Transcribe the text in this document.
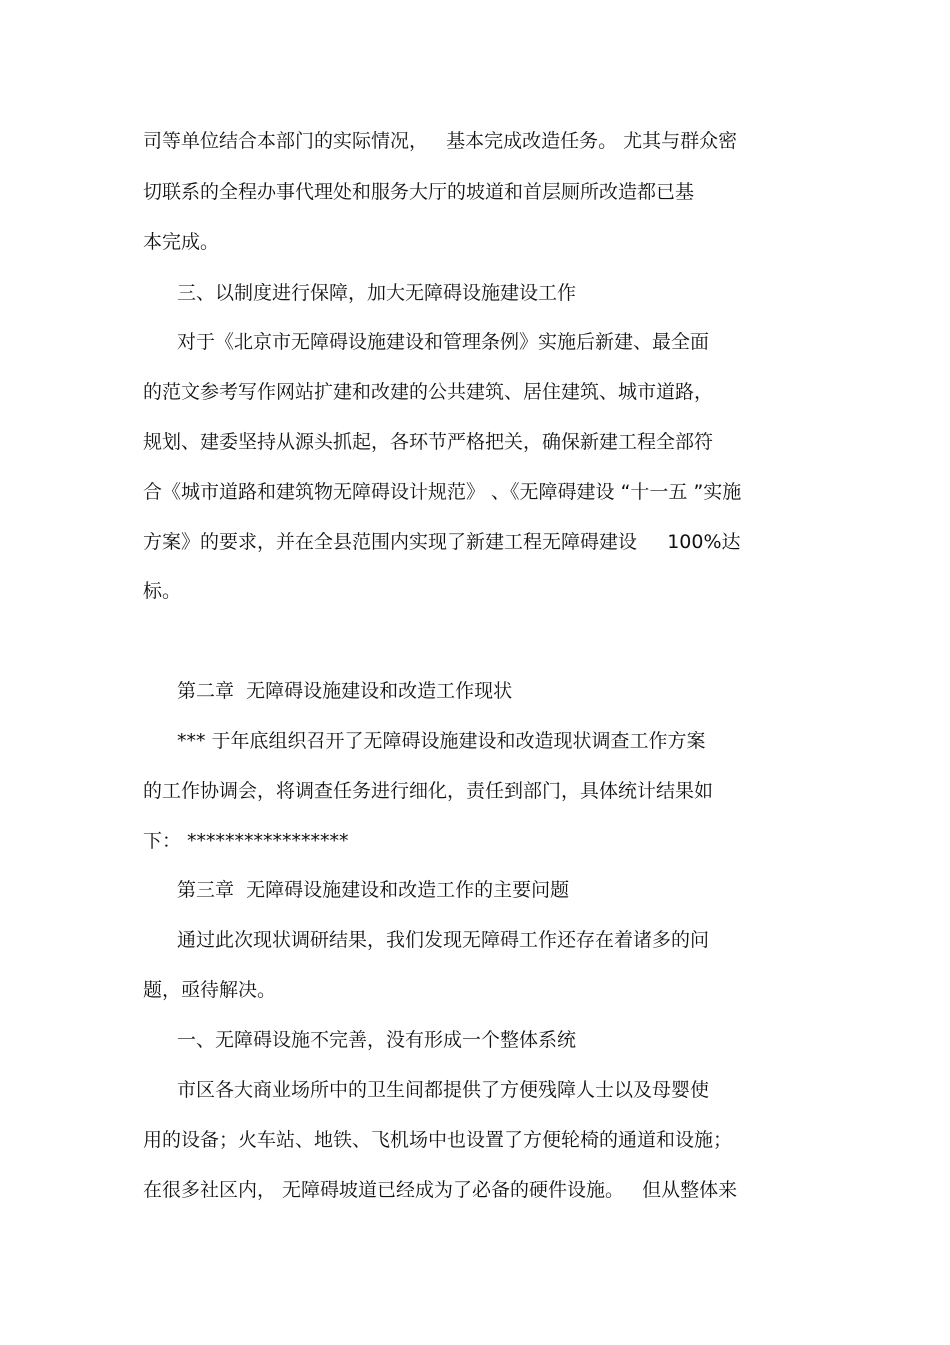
司等单位结合本部门的实际情况，   基本完成改造任务。 尤其与群众密
切联系的全程办事代理处和服务大厅的坡道和首层厕所改造都已基
本完成。
三、以制度进行保障，加大无障碍设施建设工作
对于《北京市无障碍设施建设和管理条例》实施后新建、最全面
的范文参考写作网站扩建和改建的公共建筑、居住建筑、城市道路，
规划、建委坚持从源头抓起，各环节严格把关，确保新建工程全部符
合《城市道路和建筑物无障碍设计规范》 、《无障碍建设 “十一五 ”实施
方案》的要求，并在全县范围内实现了新建工程无障碍建设     100%达
标。
第二章  无障碍设施建设和改造工作现状
*** 于年底组织召开了无障碍设施建设和改造现状调查工作方案
的工作协调会，将调查任务进行细化，责任到部门，具体统计结果如
下： *****************
第三章  无障碍设施建设和改造工作的主要问题
通过此次现状调研结果，我们发现无障碍工作还存在着诸多的问
题，亟待解决。
一、无障碍设施不完善，没有形成一个整体系统
市区各大商业场所中的卫生间都提供了方便残障人士以及母婴使
用的设备；火车站、地铁、飞机场中也设置了方便轮椅的通道和设施；
在很多社区内， 无障碍坡道已经成为了必备的硬件设施。   但从整体来
